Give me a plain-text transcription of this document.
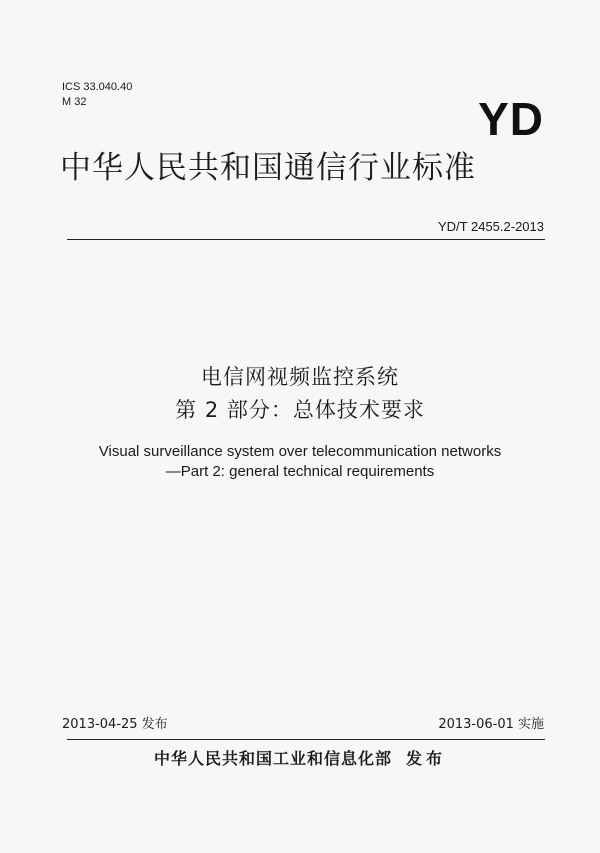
ICS 33.040.40
M 32	YD
中华人民共和国通信行业标准
YD/T 2455.2-2013
电信网视频监控系统
第 2 部分：总体技术要求
Visual surveillance system over telecommunication networks
—Part 2: general technical requirements
2013-04-25 发布	2013-06-01 实施
中华人民共和国工业和信息化部 发布
